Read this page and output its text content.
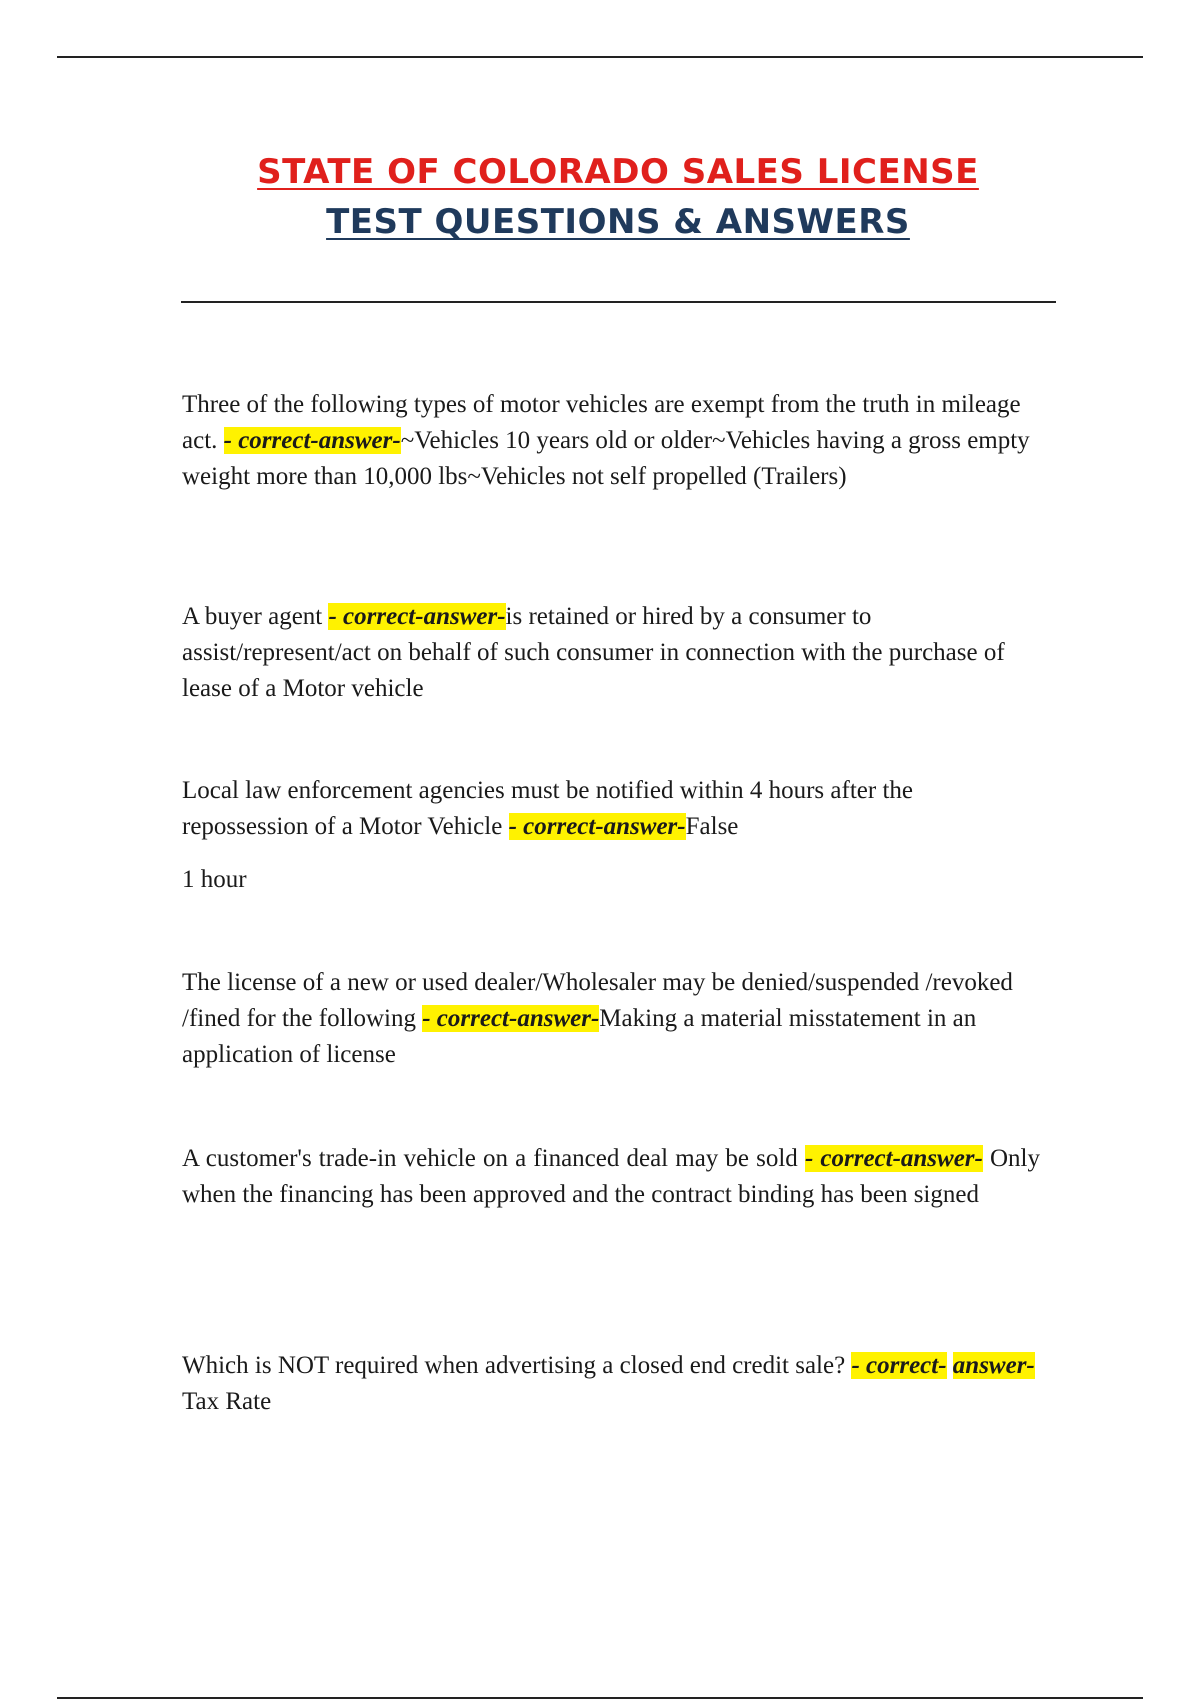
STATE OF COLORADO SALES LICENSE
TEST QUESTIONS & ANSWERS
Three of the following types of motor vehicles are exempt from the truth in mileage act. - correct-answer-~Vehicles 10 years old or older~Vehicles having a gross empty weight more than 10,000 lbs~Vehicles not self propelled (Trailers)
A buyer agent - correct-answer-is retained or hired by a consumer to assist/represent/act on behalf of such consumer in connection with the purchase of lease of a Motor vehicle
Local law enforcement agencies must be notified within 4 hours after the repossession of a Motor Vehicle - correct-answer-False
1 hour
The license of a new or used dealer/Wholesaler may be denied/suspended /revoked /fined for the following - correct-answer-Making a material misstatement in an application of license
A customer's trade-in vehicle on a financed deal may be sold - correct-answer- Only when the financing has been approved and the contract binding has been signed
Which is NOT required when advertising a closed end credit sale? - correct- answer-Tax Rate
